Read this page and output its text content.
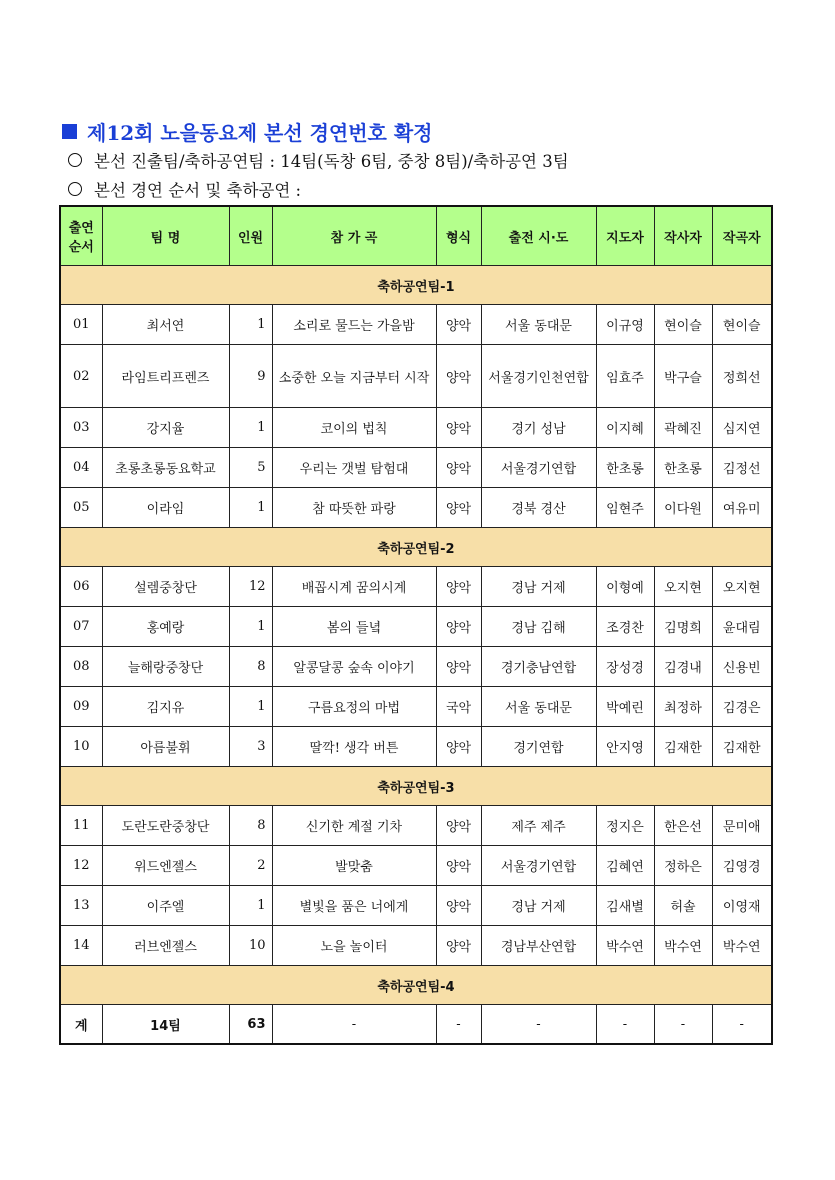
제12회 노을동요제 본선 경연번호 확정
본선 진출팀/축하공연팀 : 14팀(독창 6팀, 중창 8팀)/축하공연 3팀
본선 경연 순서 및 축하공연 :
출연
순서	팀 명	인원	참 가 곡	형식	출전 시·도	지도자	작사자	작곡자
축하공연팀-1								
01	최서연	1	소리로 물드는 가을밤	양악	서울 동대문	이규영	현이슬	현이슬
02	라임트리프렌즈	9	소중한 오늘 지금부터 시작	양악	서울경기인천연합	임효주	박구슬	정희선
03	강지율	1	코이의 법칙	양악	경기 성남	이지혜	곽혜진	심지연
04	초롱초롱동요학교	5	우리는 갯벌 탐험대	양악	서울경기연합	한초롱	한초롱	김정선
05	이라임	1	참 따뜻한 파랑	양악	경북 경산	임현주	이다원	여유미
축하공연팀-2								
06	설렘중창단	12	배꼽시계 꿈의시계	양악	경남 거제	이형예	오지현	오지현
07	홍예랑	1	봄의 들녘	양악	경남 김해	조경찬	김명희	윤대림
08	늘해랑중창단	8	알콩달콩 숲속 이야기	양악	경기충남연합	장성경	김경내	신용빈
09	김지유	1	구름요정의 마법	국악	서울 동대문	박예린	최정하	김경은
10	아름불휘	3	딸깍! 생각 버튼	양악	경기연합	안지영	김재한	김재한
축하공연팀-3								
11	도란도란중창단	8	신기한 계절 기차	양악	제주 제주	정지은	한은선	문미애
12	위드엔젤스	2	발맞춤	양악	서울경기연합	김혜연	정하은	김영경
13	이주엘	1	별빛을 품은 너에게	양악	경남 거제	김새별	허솔	이영재
14	러브엔젤스	10	노을 놀이터	양악	경남부산연합	박수연	박수연	박수연
축하공연팀-4								
계	14팀	63	-	-	-	-	-	-
